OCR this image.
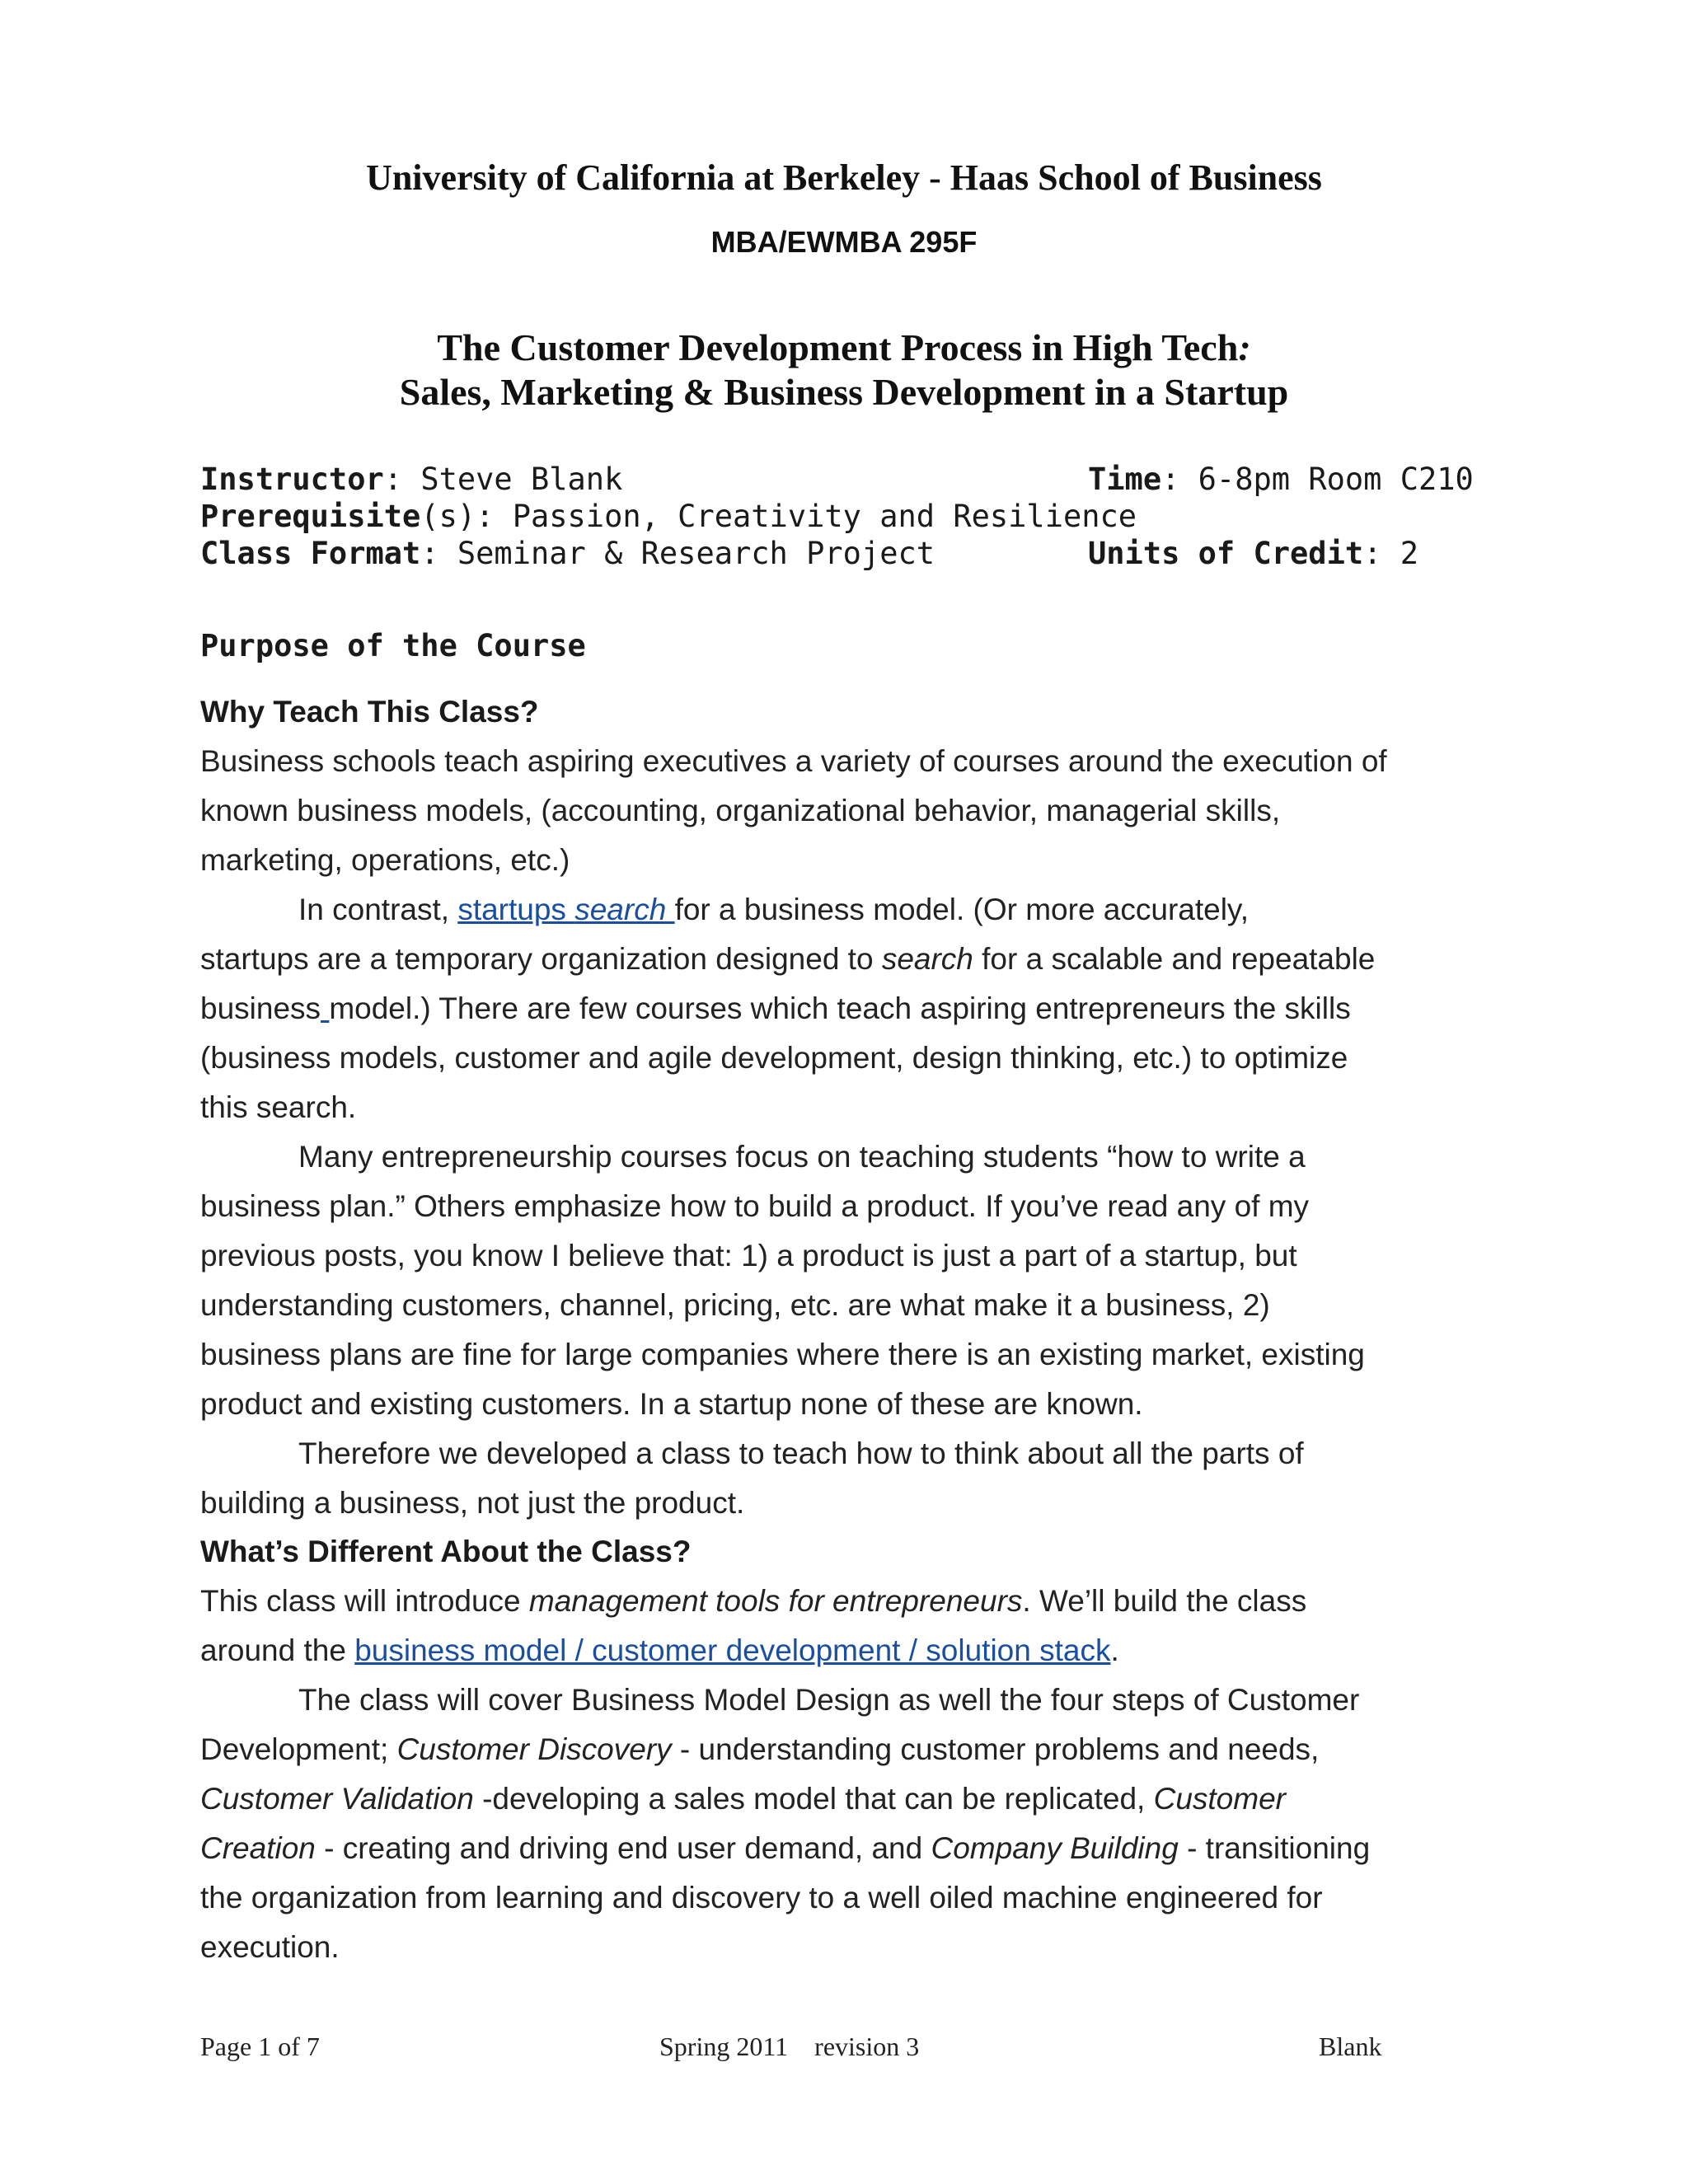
University of California at Berkeley - Haas School of Business
MBA/EWMBA 295F
The Customer Development Process in High Tech:
Sales, Marketing & Business Development in a Startup
Instructor: Steve Blank	Time: 6-8pm Room C210
Prerequisite(s): Passion, Creativity and Resilience
Class Format: Seminar & Research Project	Units of Credit: 2
Purpose of the Course
Why Teach This Class?
Business schools teach aspiring executives a variety of courses around the execution of
known business models, (accounting, organizational behavior, managerial skills,
marketing, operations, etc.)
In contrast, startups search for a business model. (Or more accurately,
startups are a temporary organization designed to search for a scalable and repeatable
business model.) There are few courses which teach aspiring entrepreneurs the skills
(business models, customer and agile development, design thinking, etc.) to optimize
this search.
Many entrepreneurship courses focus on teaching students “how to write a
business plan.” Others emphasize how to build a product. If you’ve read any of my
previous posts, you know I believe that: 1) a product is just a part of a startup, but
understanding customers, channel, pricing, etc. are what make it a business, 2)
business plans are fine for large companies where there is an existing market, existing
product and existing customers. In a startup none of these are known.
Therefore we developed a class to teach how to think about all the parts of
building a business, not just the product.
What’s Different About the Class?
This class will introduce management tools for entrepreneurs. We’ll build the class
around the business model / customer development / solution stack.
The class will cover Business Model Design as well the four steps of Customer
Development; Customer Discovery - understanding customer problems and needs,
Customer Validation -developing a sales model that can be replicated, Customer
Creation - creating and driving end user demand, and Company Building - transitioning
the organization from learning and discovery to a well oiled machine engineered for
execution.
Page 1 of 7	Spring 2011    revision 3	Blank
